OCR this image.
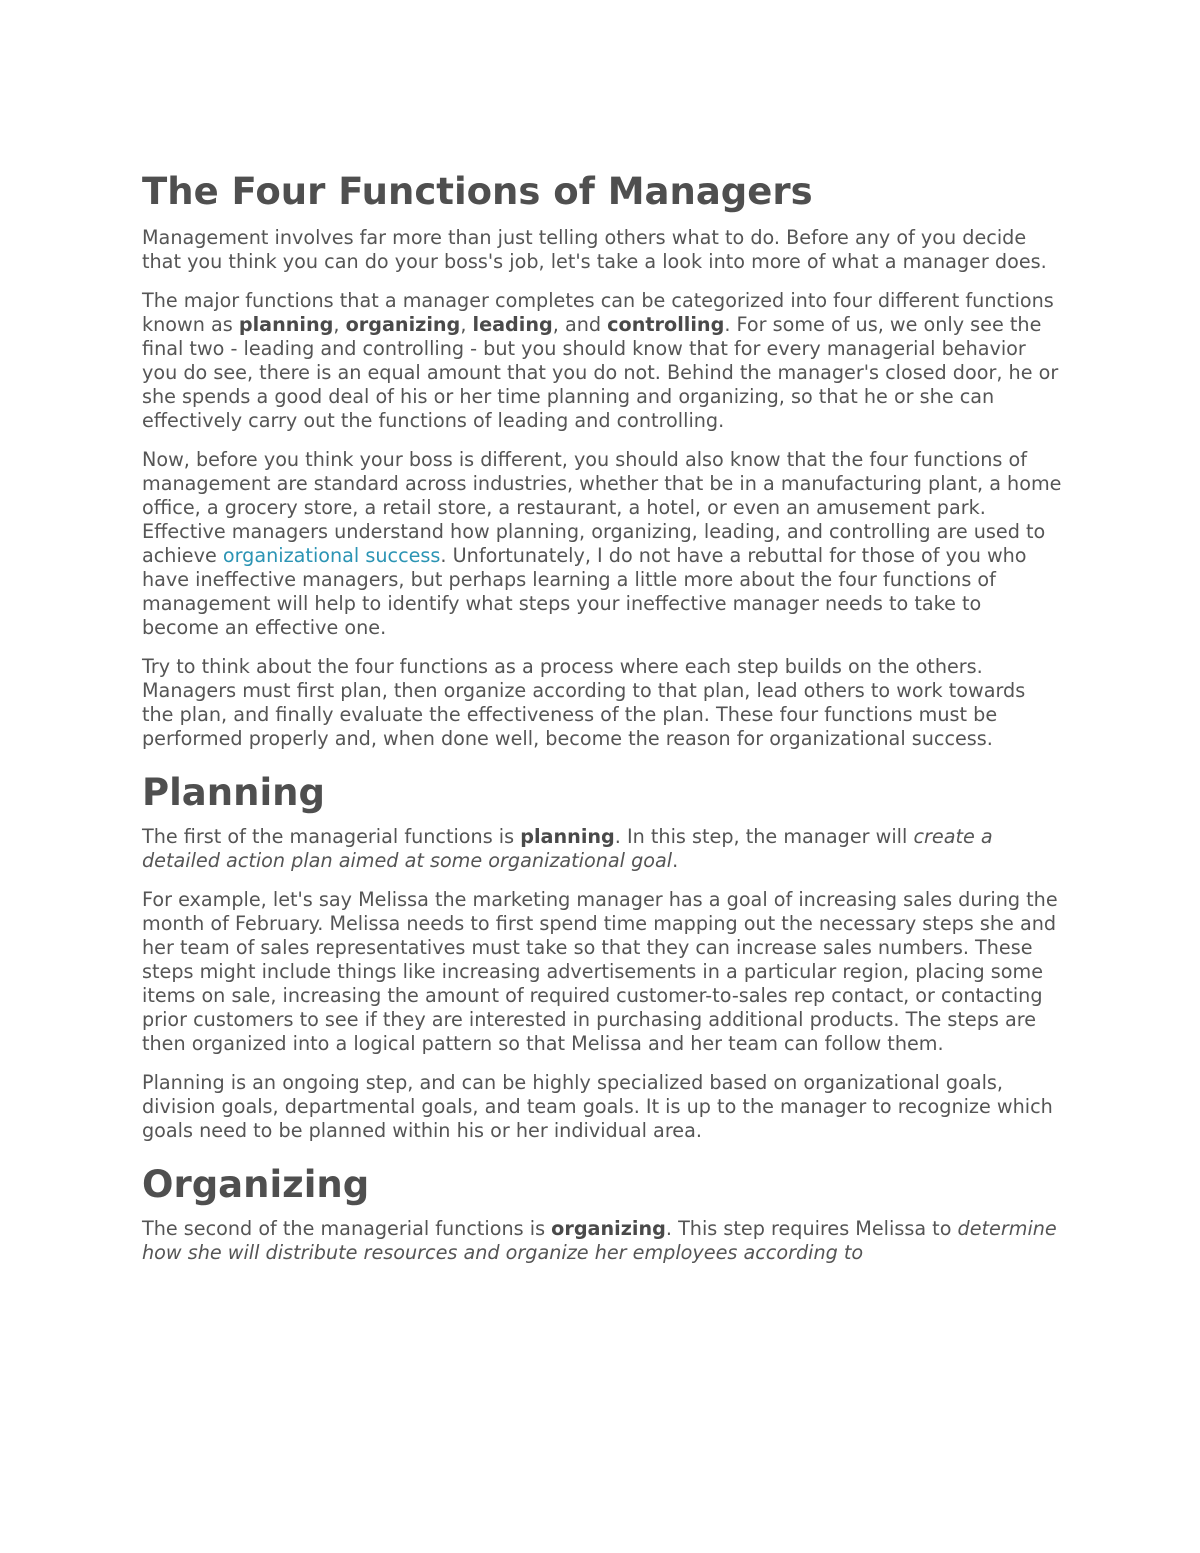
The Four Functions of Managers

Management involves far more than just telling others what to do. Before any of you decide that you think you can do your boss's job, let's take a look into more of what a manager does.

The major functions that a manager completes can be categorized into four different functions known as planning, organizing, leading, and controlling. For some of us, we only see the final two - leading and controlling - but you should know that for every managerial behavior you do see, there is an equal amount that you do not. Behind the manager's closed door, he or she spends a good deal of his or her time planning and organizing, so that he or she can effectively carry out the functions of leading and controlling.

Now, before you think your boss is different, you should also know that the four functions of management are standard across industries, whether that be in a manufacturing plant, a home office, a grocery store, a retail store, a restaurant, a hotel, or even an amusement park. Effective managers understand how planning, organizing, leading, and controlling are used to achieve organizational success. Unfortunately, I do not have a rebuttal for those of you who have ineffective managers, but perhaps learning a little more about the four functions of management will help to identify what steps your ineffective manager needs to take to become an effective one.

Try to think about the four functions as a process where each step builds on the others. Managers must first plan, then organize according to that plan, lead others to work towards the plan, and finally evaluate the effectiveness of the plan. These four functions must be performed properly and, when done well, become the reason for organizational success.

Planning

The first of the managerial functions is planning. In this step, the manager will create a detailed action plan aimed at some organizational goal.

For example, let's say Melissa the marketing manager has a goal of increasing sales during the month of February. Melissa needs to first spend time mapping out the necessary steps she and her team of sales representatives must take so that they can increase sales numbers. These steps might include things like increasing advertisements in a particular region, placing some items on sale, increasing the amount of required customer-to-sales rep contact, or contacting prior customers to see if they are interested in purchasing additional products. The steps are then organized into a logical pattern so that Melissa and her team can follow them.

Planning is an ongoing step, and can be highly specialized based on organizational goals, division goals, departmental goals, and team goals. It is up to the manager to recognize which goals need to be planned within his or her individual area.

Organizing

The second of the managerial functions is organizing. This step requires Melissa to determine how she will distribute resources and organize her employees according to
